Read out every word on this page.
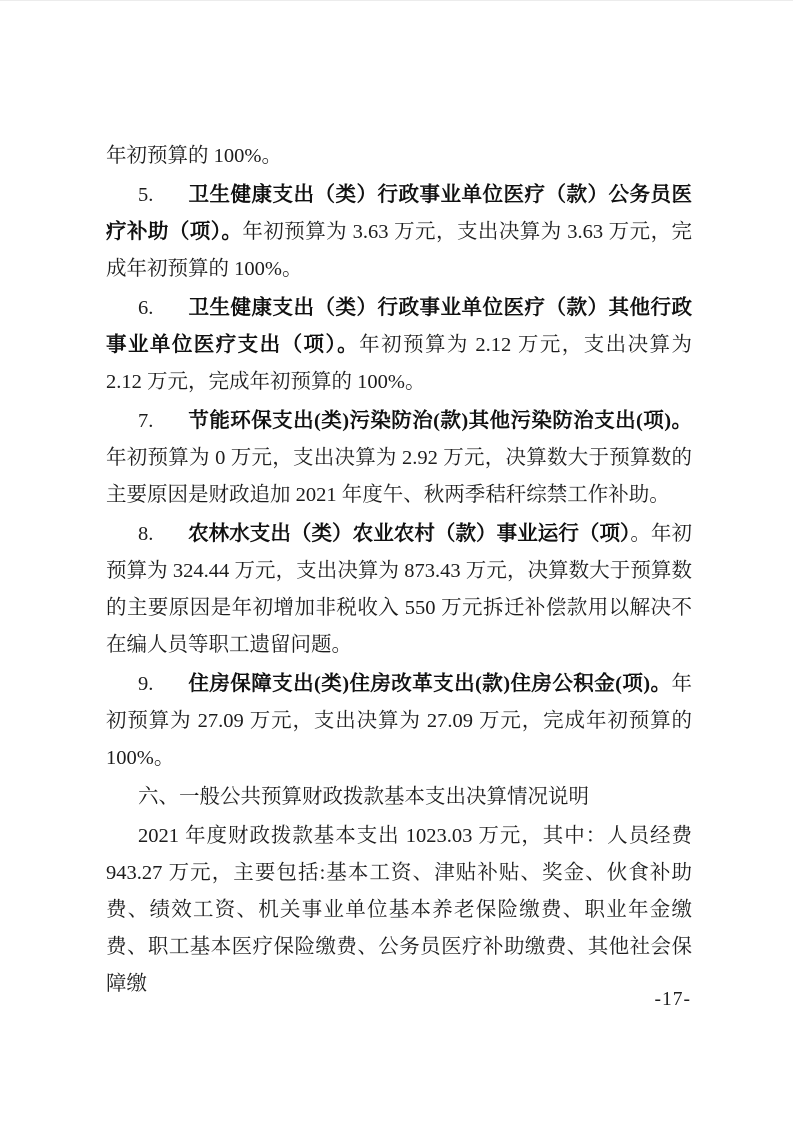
年初预算的 100%。

5. 卫生健康支出（类）行政事业单位医疗（款）公务员医疗补助（项）。年初预算为 3.63 万元，支出决算为 3.63 万元，完成年初预算的 100%。

6. 卫生健康支出（类）行政事业单位医疗（款）其他行政事业单位医疗支出（项）。年初预算为 2.12 万元，支出决算为 2.12 万元，完成年初预算的 100%。

7. 节能环保支出(类)污染防治(款)其他污染防治支出(项)。年初预算为 0 万元，支出决算为 2.92 万元，决算数大于预算数的主要原因是财政追加 2021 年度午、秋两季秸秆综禁工作补助。

8. 农林水支出（类）农业农村（款）事业运行（项）。年初预算为 324.44 万元，支出决算为 873.43 万元，决算数大于预算数的主要原因是年初增加非税收入 550 万元拆迁补偿款用以解决不在编人员等职工遗留问题。

9. 住房保障支出(类)住房改革支出(款)住房公积金(项)。年初预算为 27.09 万元，支出决算为 27.09 万元，完成年初预算的 100%。

六、一般公共预算财政拨款基本支出决算情况说明

2021 年度财政拨款基本支出 1023.03 万元，其中：人员经费 943.27 万元，主要包括:基本工资、津贴补贴、奖金、伙食补助费、绩效工资、机关事业单位基本养老保险缴费、职业年金缴费、职工基本医疗保险缴费、公务员医疗补助缴费、其他社会保障缴

-17-
